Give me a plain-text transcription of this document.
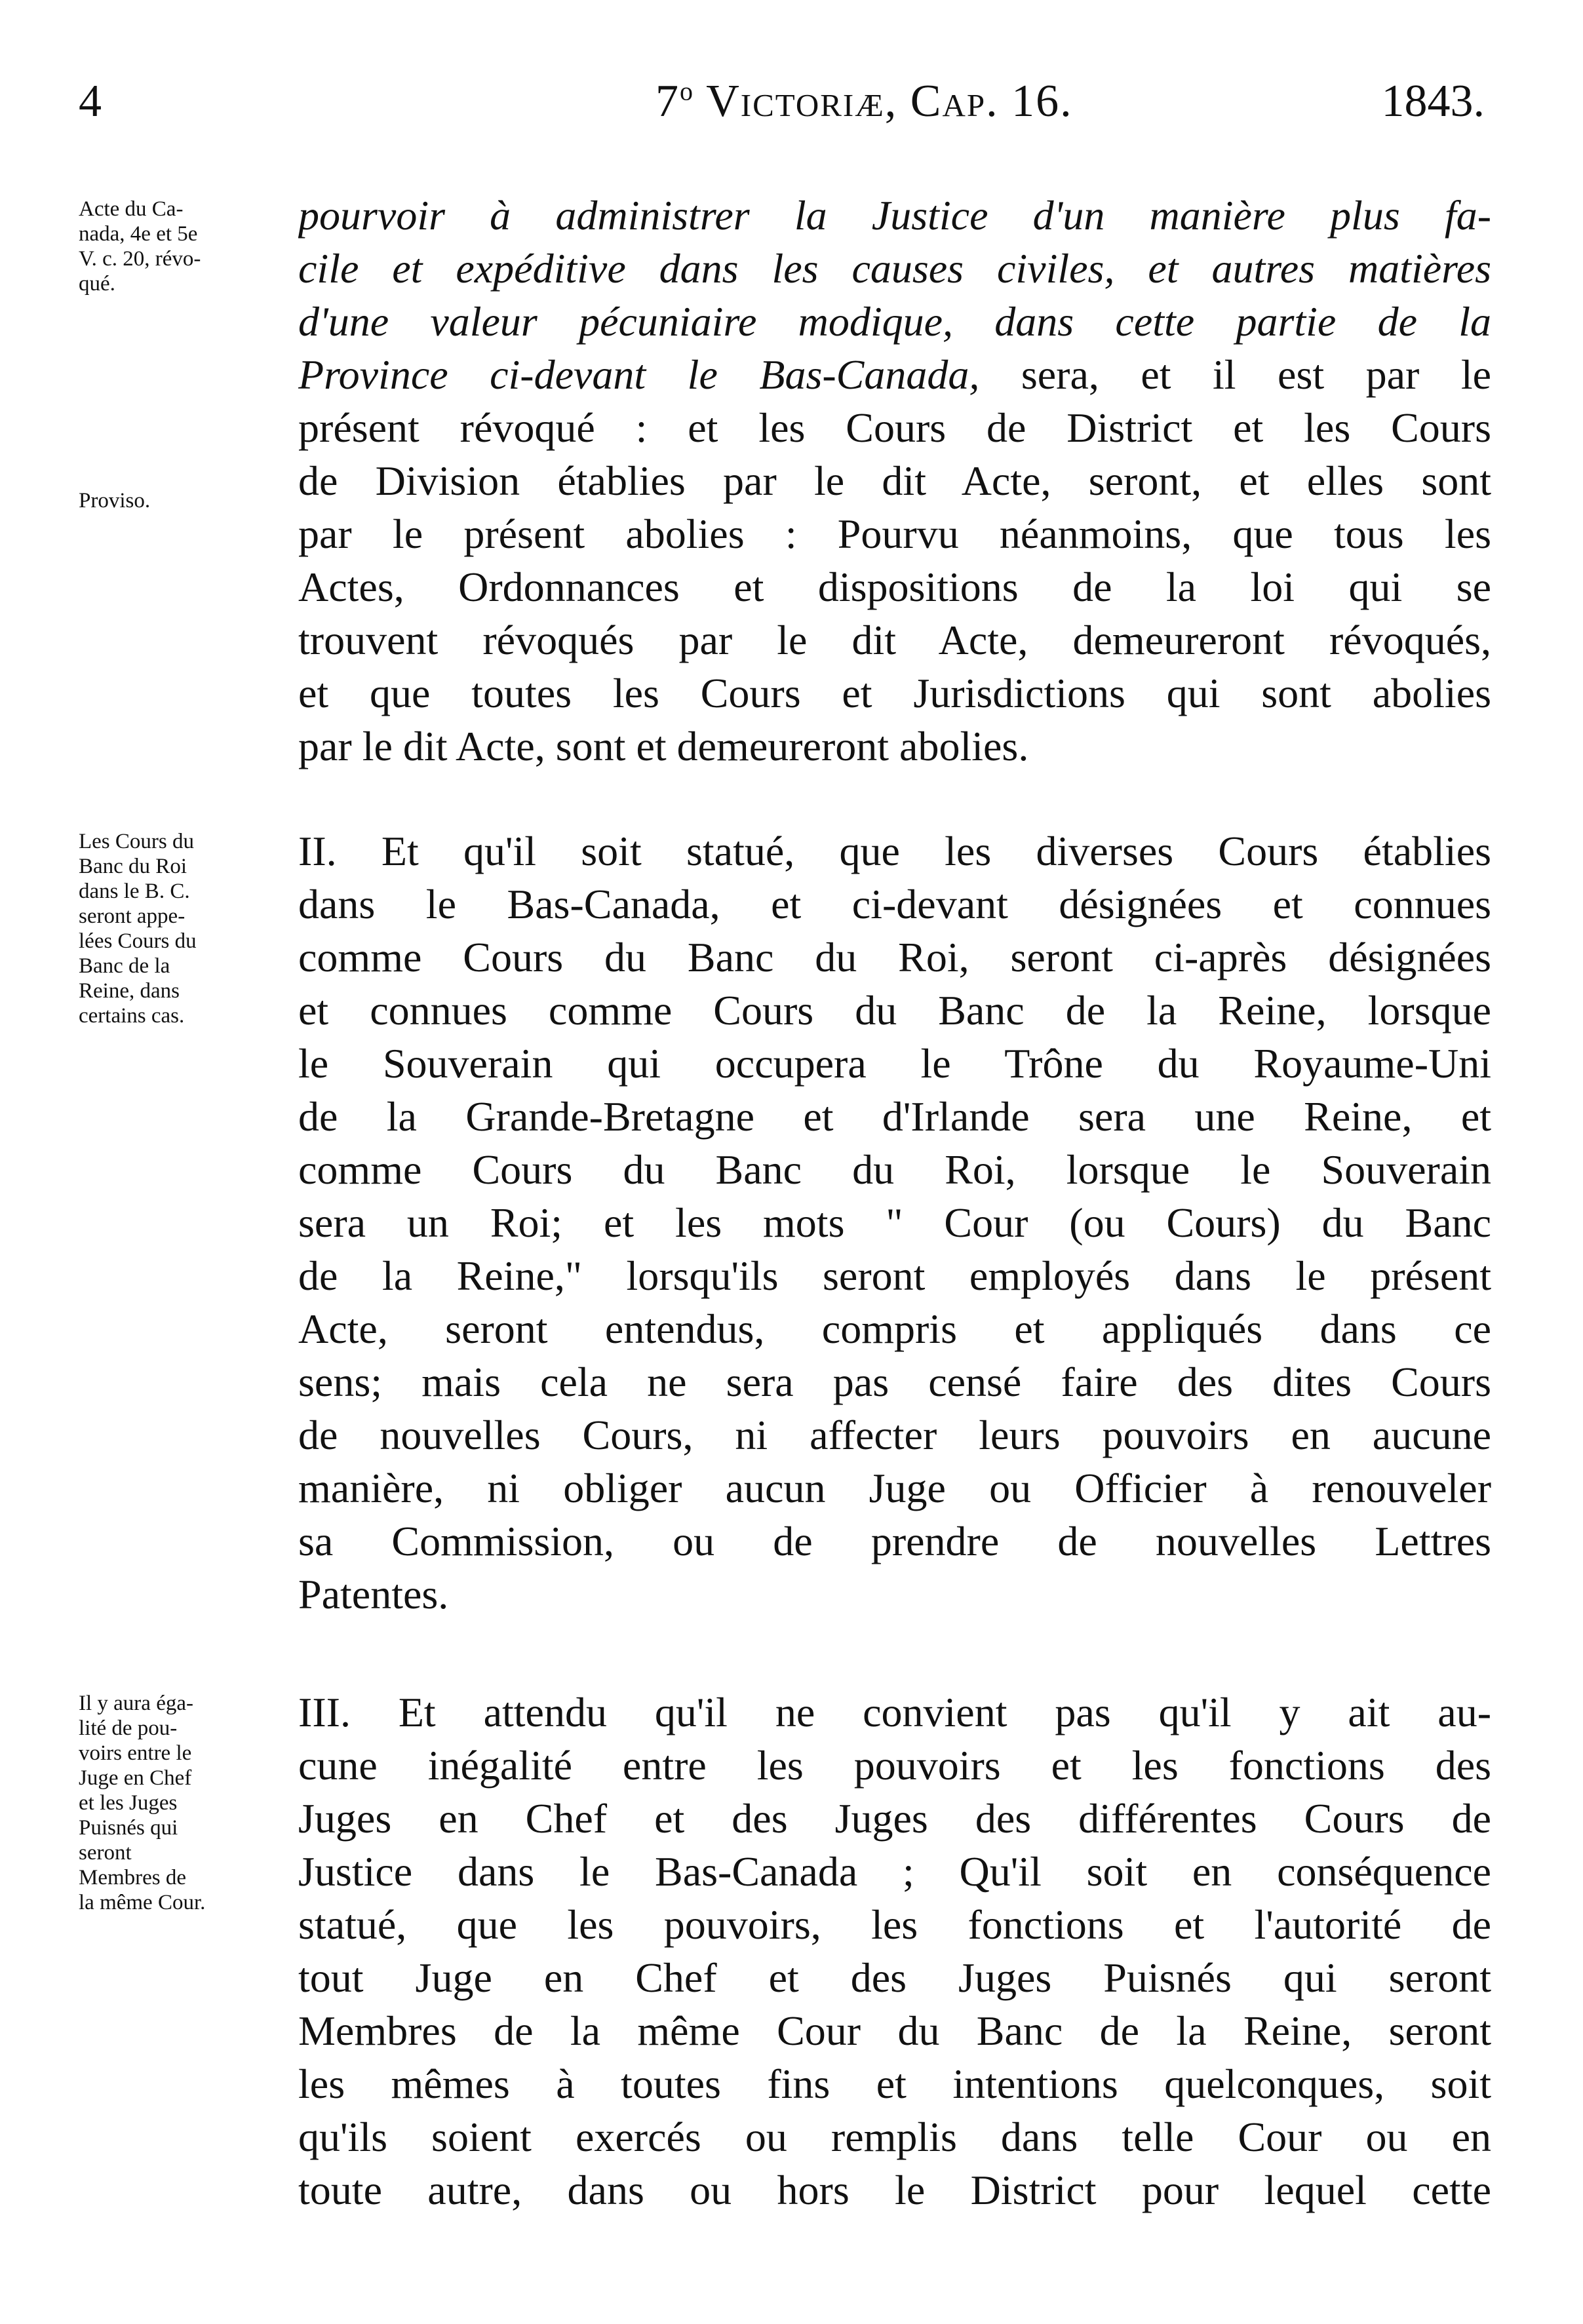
4	7$^o$ Victoriæ, Cap. 16.	1843.
Acte du Ca-
nada, 4e et 5e
V. c. 20, révo-
qué.
Proviso.
pourvoir à administrer la Justice d'un manière plus fa-
cile et expéditive dans les causes civiles, et autres matières
d'une valeur pécuniaire modique, dans cette partie de la
Province ci-devant le Bas-Canada, sera, et il est par le
présent révoqué : et les Cours de District et les Cours
de Division établies par le dit Acte, seront, et elles sont
par le présent abolies : Pourvu néanmoins, que tous les
Actes, Ordonnances et dispositions de la loi qui se
trouvent révoqués par le dit Acte, demeureront révoqués,
et que toutes les Cours et Jurisdictions qui sont abolies
par le dit Acte, sont et demeureront abolies.
Les Cours du
Banc du Roi
dans le B. C.
seront appe-
lées Cours du
Banc de la
Reine, dans
certains cas.
II. Et qu'il soit statué, que les diverses Cours établies
dans le Bas-Canada, et ci-devant désignées et connues
comme Cours du Banc du Roi, seront ci-après désignées
et connues comme Cours du Banc de la Reine, lorsque
le Souverain qui occupera le Trône du Royaume-Uni
de la Grande-Bretagne et d'Irlande sera une Reine, et
comme Cours du Banc du Roi, lorsque le Souverain
sera un Roi; et les mots " Cour (ou Cours) du Banc
de la Reine," lorsqu'ils seront employés dans le présent
Acte, seront entendus, compris et appliqués dans ce
sens; mais cela ne sera pas censé faire des dites Cours
de nouvelles Cours, ni affecter leurs pouvoirs en aucune
manière, ni obliger aucun Juge ou Officier à renouveler
sa Commission, ou de prendre de nouvelles Lettres
Patentes.
Il y aura éga-
lité de pou-
voirs entre le
Juge en Chef
et les Juges
Puisnés qui
seront
Membres de
la même Cour.
III. Et attendu qu'il ne convient pas qu'il y ait au-
cune inégalité entre les pouvoirs et les fonctions des
Juges en Chef et des Juges des différentes Cours de
Justice dans le Bas-Canada ; Qu'il soit en conséquence
statué, que les pouvoirs, les fonctions et l'autorité de
tout Juge en Chef et des Juges Puisnés qui seront
Membres de la même Cour du Banc de la Reine, seront
les mêmes à toutes fins et intentions quelconques, soit
qu'ils soient exercés ou remplis dans telle Cour ou en
toute autre, dans ou hors le District pour lequel cette
